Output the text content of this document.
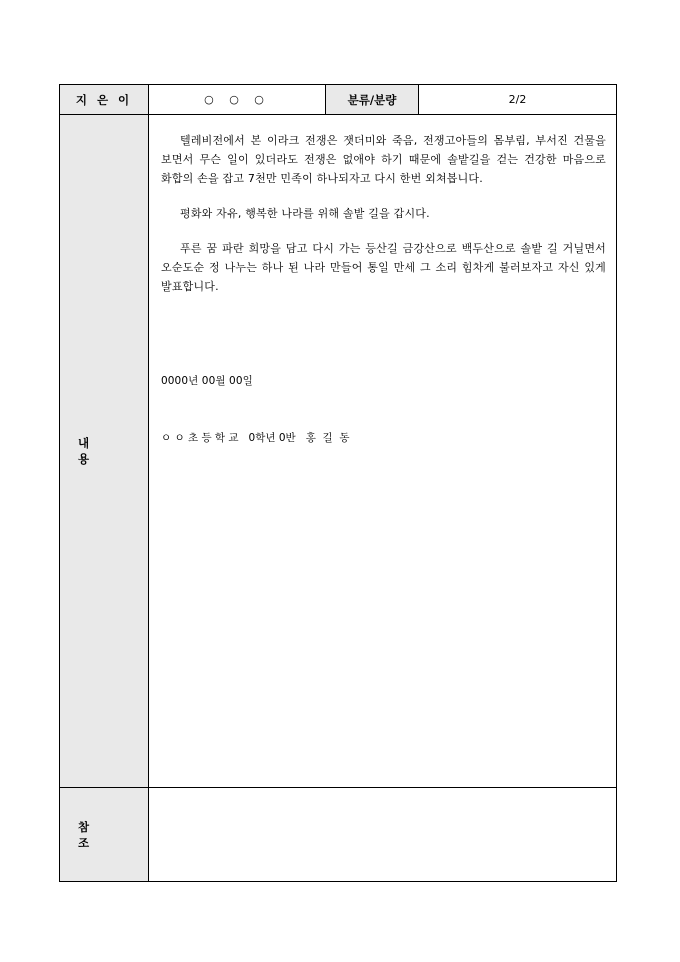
지 은 이	○ ○ ○	분류/분량	2/2
내 용

텔레비전에서 본 이라크 전쟁은 잿더미와 죽음, 전쟁고아들의 몸부림, 부서진 건물을 보면서 무슨 일이 있더라도 전쟁은 없애야 하기 때문에 솔밭길을 걷는 건강한 마음으로 화합의 손을 잡고 7천만 민족이 하나되자고 다시 한번 외쳐봅니다.

평화와 자유, 행복한 나라를 위해 솔밭 길을 갑시다.

푸른 꿈 파란 희망을 담고 다시 가는 등산길 금강산으로 백두산으로 솔밭 길 거닐면서 오순도순 정 나누는 하나 된 나라 만들어 통일 만세 그 소리 힘차게 불러보자고 자신 있게 발표합니다.

0000년 00월 00일
ㅇ ㅇ 초 등 학 교   0학년 0반   홍  길  동
참 조
